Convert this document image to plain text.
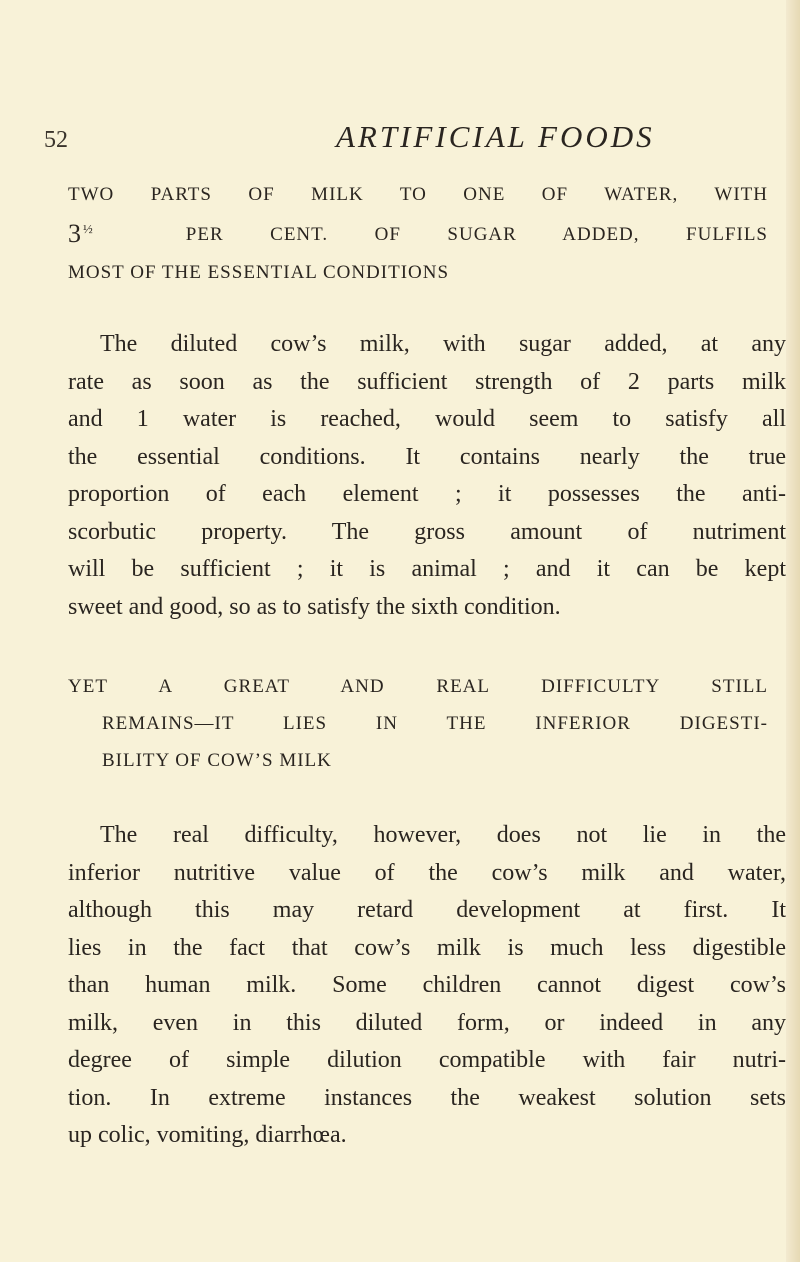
52	ARTIFICIAL FOODS
TWO PARTS OF MILK TO ONE OF WATER, WITH
$3^{\frac{1}{2}}$	PER CENT. OF SUGAR ADDED, FULFILS
MOST OF THE ESSENTIAL CONDITIONS
The diluted cow’s milk, with sugar added, at any
rate as soon as the sufficient strength of 2 parts milk
and 1 water is reached, would seem to satisfy all
the essential conditions. It contains nearly the true
proportion of each element ; it possesses the anti-
scorbutic property. The gross amount of nutriment
will be sufficient ; it is animal ; and it can be kept
sweet and good, so as to satisfy the sixth condition.
YET A GREAT AND REAL DIFFICULTY STILL
REMAINS—IT LIES IN THE INFERIOR DIGESTI-
BILITY OF COW’S MILK
The real difficulty, however, does not lie in the
inferior nutritive value of the cow’s milk and water,
although this may retard development at first. It
lies in the fact that cow’s milk is much less digestible
than human milk. Some children cannot digest cow’s
milk, even in this diluted form, or indeed in any
degree of simple dilution compatible with fair nutri-
tion. In extreme instances the weakest solution sets
up colic, vomiting, diarrhœa.
